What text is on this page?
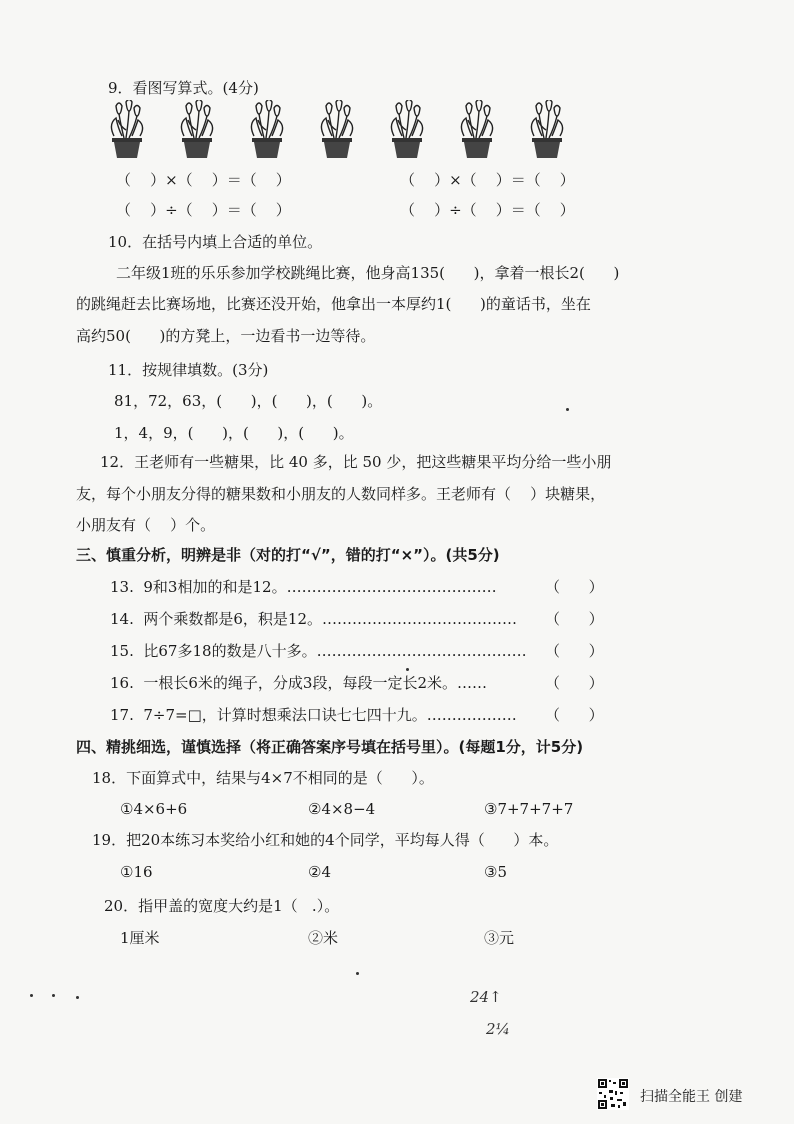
9．看图写算式。(4分)
（    ）×（    ）＝（    ）	（    ）×（    ）＝（    ）
（    ）÷（    ）＝（    ）	（    ）÷（    ）＝（    ）
10．在括号内填上合适的单位。
二年级1班的乐乐参加学校跳绳比赛，他身高135(      )，拿着一根长2(      )
的跳绳赶去比赛场地，比赛还没开始，他拿出一本厚约1(      )的童话书，坐在
高约50(      )的方凳上，一边看书一边等待。
11．按规律填数。(3分)
81，72，63，(      )，(      )，(      )。
1，4，9，(      )，(      )，(      )。
12．王老师有一些糖果，比 40 多，比 50 少，把这些糖果平均分给一些小朋
友，每个小朋友分得的糖果数和小朋友的人数同样多。王老师有（    ）块糖果，
小朋友有（    ）个。
三、慎重分析，明辨是非（对的打“√”，错的打“×”）。(共5分)
13.  9和3相加的和是12。……………………………………	（      ）
14.  两个乘数都是6，积是12。………………………………… （      ）
15.  比67多18的数是八十多。…………………………………… （      ）
16.  一根长6米的绳子，分成3段，每段一定长2米。……	（      ）
17.  7÷7=□，计算时想乘法口诀七七四十九。……………… （      ）
四、精挑细选，谨慎选择（将正确答案序号填在括号里）。(每题1分，计5分)
18．下面算式中，结果与4×7不相同的是（      ）。
①4×6+6	②4×8−4	③7+7+7+7
19．把20本练习本奖给小红和她的4个同学，平均每人得（      ）本。
①16	②4	③5
20．指甲盖的宽度大约是1（   .）。
1厘米	②米	③元
24↑
2¼
扫描全能王 创建
